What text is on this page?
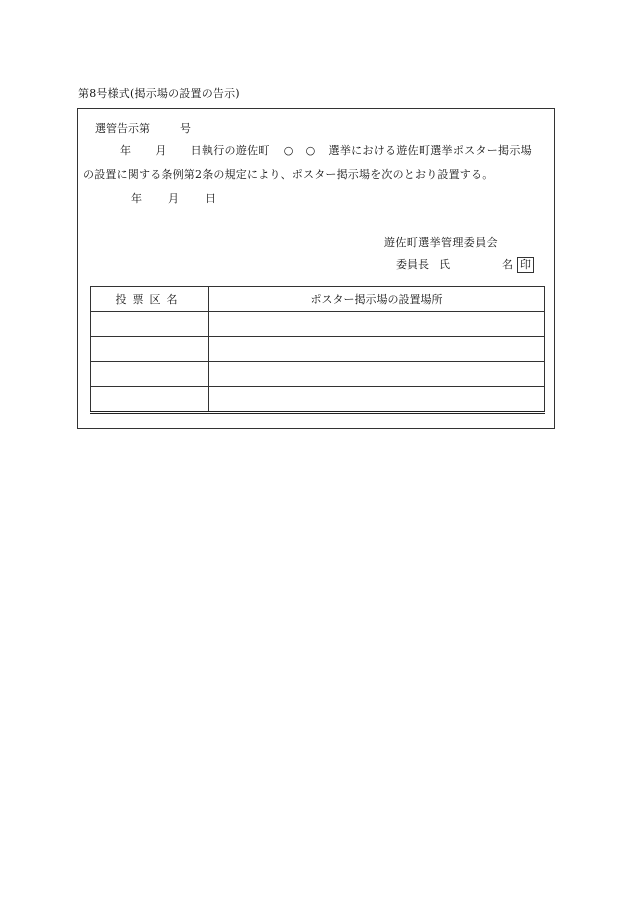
第8号様式(掲示場の設置の告示)
選管告示第	号
年 月 日執行の遊佐町 ○ ○ 選挙における遊佐町選挙ポスター掲示場
の設置に関する条例第2条の規定により、ポスター掲示場を次のとおり設置する。
年 月 日
遊佐町選挙管理委員会
委員長 氏	名 印
投票区名	ポスター掲示場の設置場所
